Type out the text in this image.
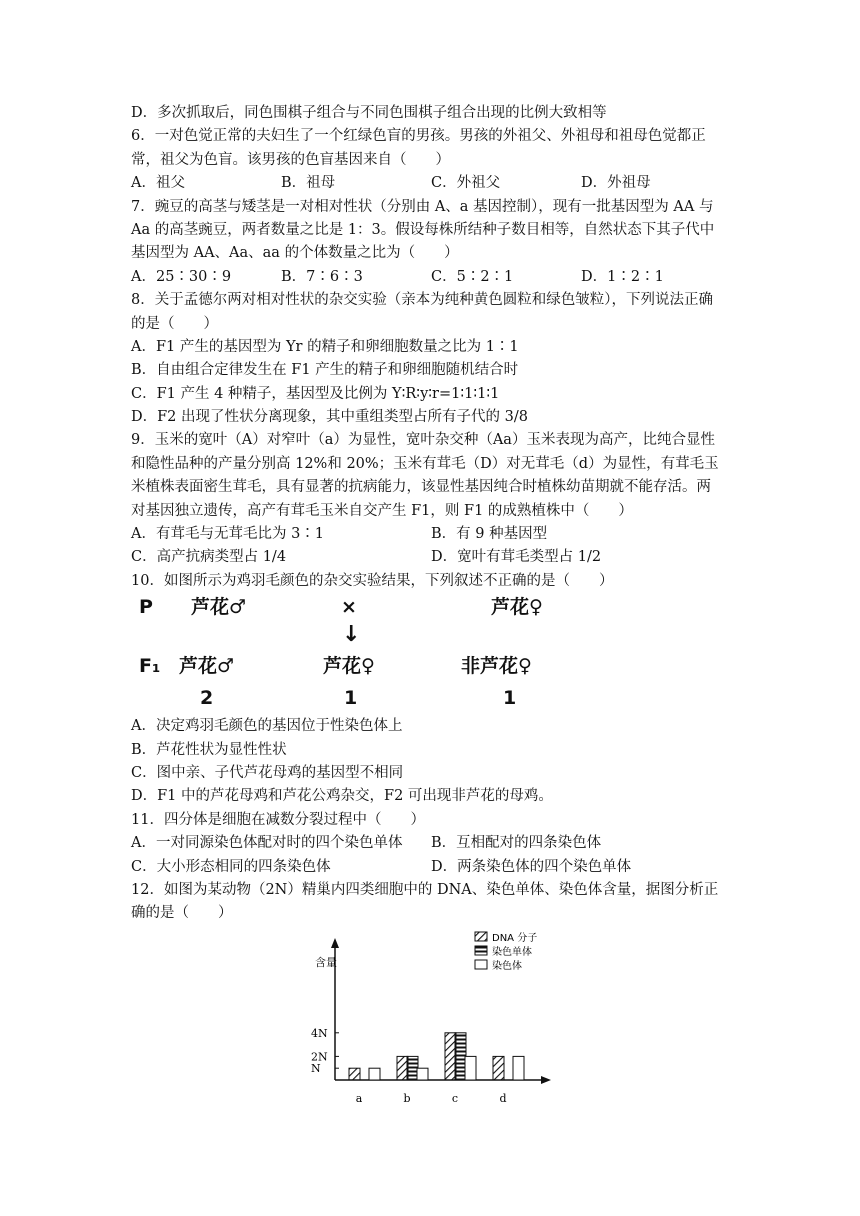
D．多次抓取后，同色围棋子组合与不同色围棋子组合出现的比例大致相等
6．一对色觉正常的夫妇生了一个红绿色盲的男孩。男孩的外祖父、外祖母和祖母色觉都正
常，祖父为色盲。该男孩的色盲基因来自（　　）
A．祖父	B．祖母	C．外祖父	D．外祖母
7．豌豆的高茎与矮茎是一对相对性状（分别由 A、a 基因控制），现有一批基因型为 AA 与
Aa 的高茎豌豆，两者数量之比是 1：3。假设每株所结种子数目相等，自然状态下其子代中
基因型为 AA、Aa、aa 的个体数量之比为（　　）
A．25∶30∶9	B．7∶6∶3	C．5∶2∶1	D．1∶2∶1
8．关于孟德尔两对相对性状的杂交实验（亲本为纯种黄色圆粒和绿色皱粒），下列说法正确
的是（　　）
A．F1 产生的基因型为 Yr 的精子和卵细胞数量之比为 1∶1
B．自由组合定律发生在 F1 产生的精子和卵细胞随机结合时
C．F1 产生 4 种精子，基因型及比例为 Y∶R∶y∶r=1∶1∶1∶1
D．F2 出现了性状分离现象，其中重组类型占所有子代的 3/8
9．玉米的宽叶（A）对窄叶（a）为显性，宽叶杂交种（Aa）玉米表现为高产，比纯合显性
和隐性品种的产量分别高 12%和 20%；玉米有茸毛（D）对无茸毛（d）为显性，有茸毛玉
米植株表面密生茸毛，具有显著的抗病能力，该显性基因纯合时植株幼苗期就不能存活。两
对基因独立遗传，高产有茸毛玉米自交产生 F1，则 F1 的成熟植株中（　　）
A．有茸毛与无茸毛比为 3∶1	B．有 9 种基因型
C．高产抗病类型占 1/4	D．宽叶有茸毛类型占 1/2
10．如图所示为鸡羽毛颜色的杂交实验结果，下列叙述不正确的是（　　）
P 芦花♂	×	芦花♀
↓
F₁ 芦花♂	芦花♀	非芦花♀
2	1	1
A．决定鸡羽毛颜色的基因位于性染色体上
B．芦花性状为显性性状
C．图中亲、子代芦花母鸡的基因型不相同
D．F1 中的芦花母鸡和芦花公鸡杂交，F2 可出现非芦花的母鸡。
11．四分体是细胞在减数分裂过程中（　　）
A．一对同源染色体配对时的四个染色单体	B．互相配对的四条染色体
C．大小形态相同的四条染色体	D．两条染色体的四个染色单体
12．如图为某动物（2N）精巢内四类细胞中的 DNA、染色单体、染色体含量，据图分析正
确的是（　　）
含量
N
2N
4N
a	b	c	d
DNA 分子
染色单体
染色体
